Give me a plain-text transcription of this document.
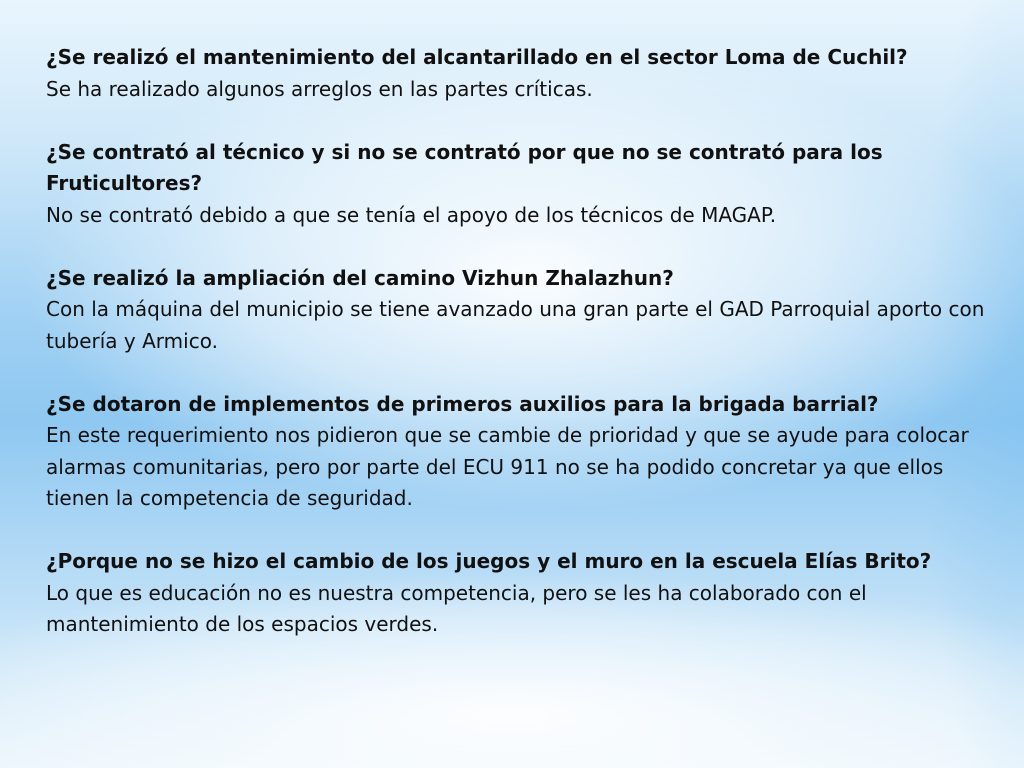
¿Se realizó el mantenimiento del alcantarillado en el sector Loma de Cuchil?

Se ha realizado algunos arreglos en las partes críticas.

¿Se contrató al técnico y si no se contrató por que no se contrató para los Fruticultores?

No se contrató debido a que se tenía el apoyo de los técnicos de MAGAP.

¿Se realizó la ampliación del camino Vizhun Zhalazhun?

Con la máquina del municipio se tiene avanzado una gran parte el GAD Parroquial aporto con tubería y Armico.

¿Se dotaron de implementos de primeros auxilios para la brigada barrial?

En este requerimiento nos pidieron que se cambie de prioridad y que se ayude para colocar alarmas comunitarias, pero por parte del ECU 911 no se ha podido concretar ya que ellos tienen la competencia de seguridad.

¿Porque no se hizo el cambio de los juegos y el muro en la escuela Elías Brito?

Lo que es educación no es nuestra competencia, pero se les ha colaborado con el mantenimiento de los espacios verdes.
